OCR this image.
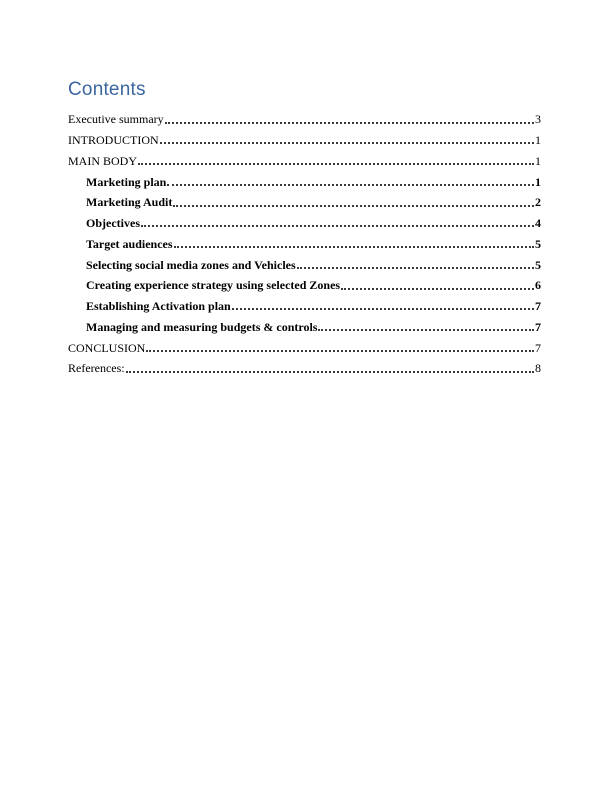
Contents
Executive summary	3
INTRODUCTION	1
MAIN BODY	1
Marketing plan	1
Marketing Audit	2
Objectives	4
Target audiences	5
Selecting social media zones and Vehicles	5
Creating experience strategy using selected Zones	6
Establishing Activation plan	7
Managing and measuring budgets & controls	7
CONCLUSION	7
References:	8
